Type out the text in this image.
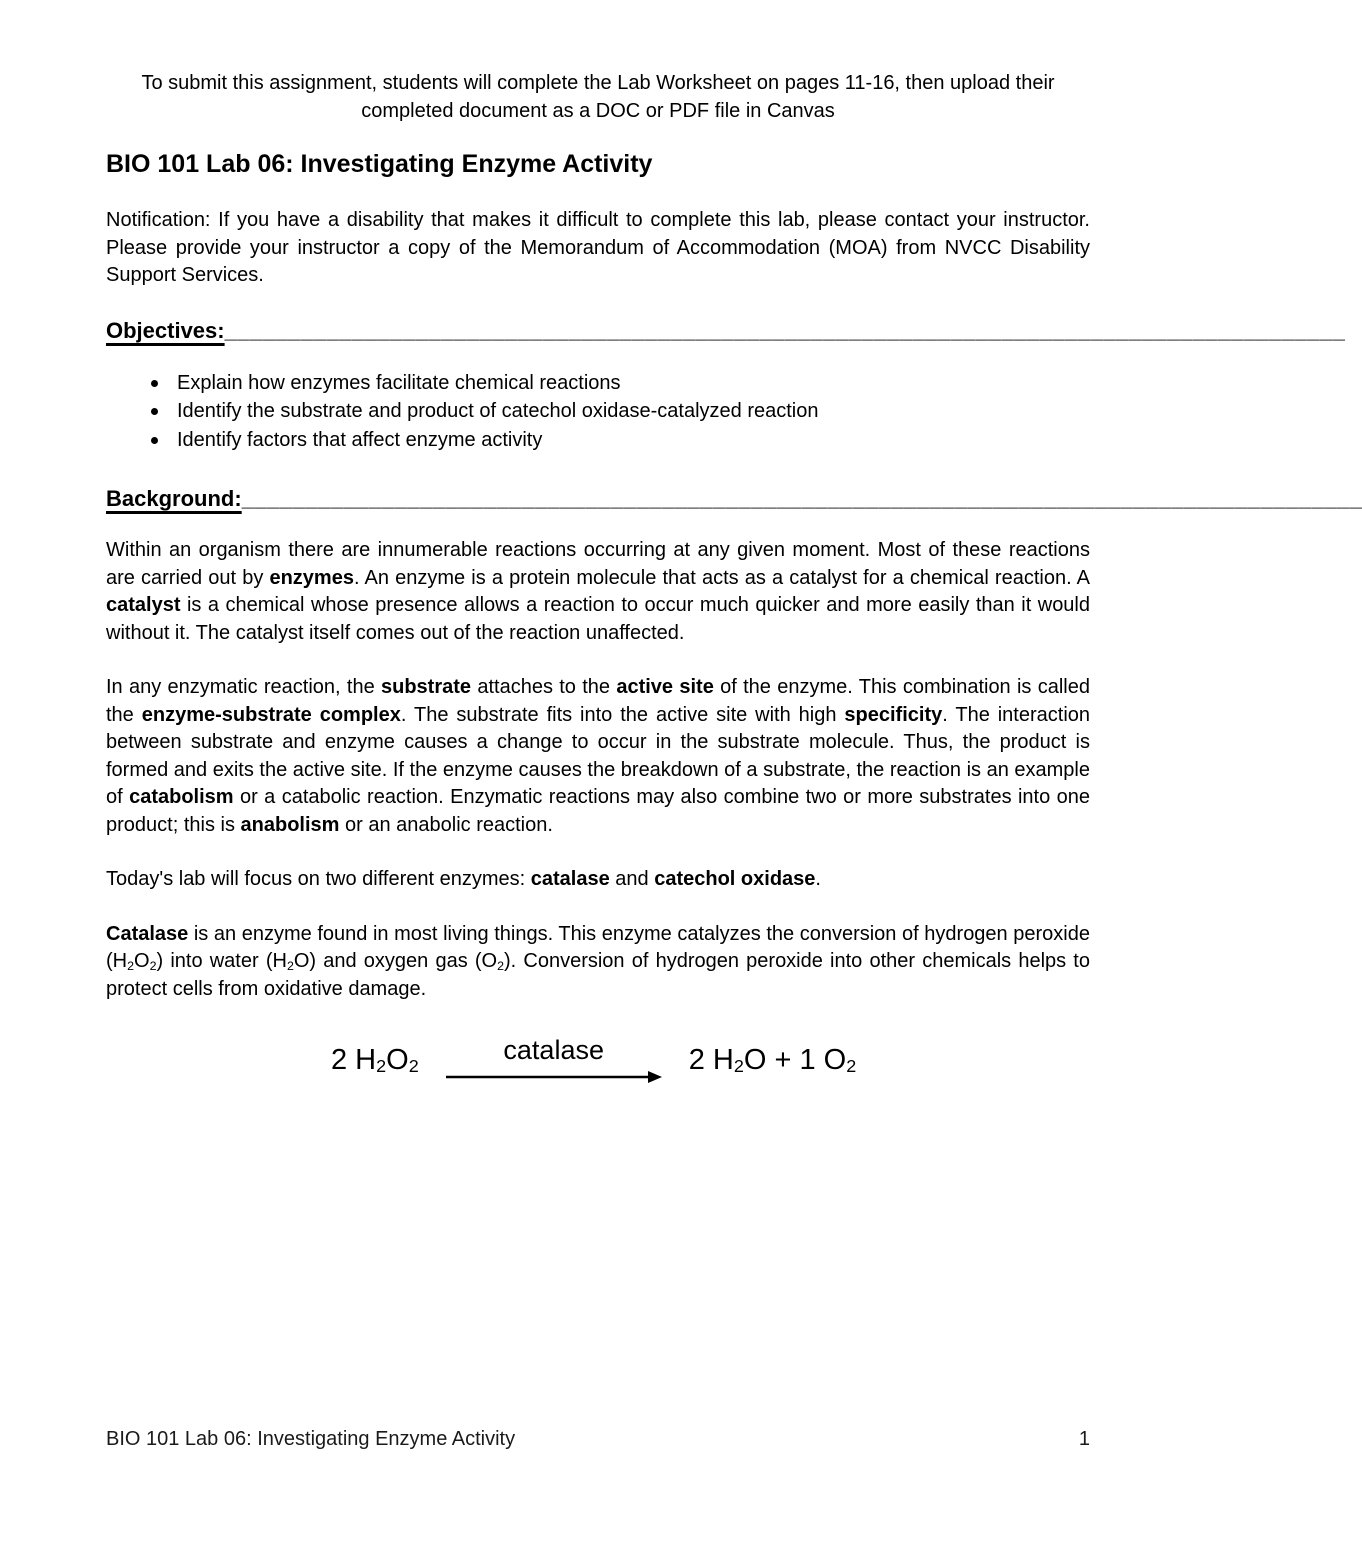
To submit this assignment, students will complete the Lab Worksheet on pages 11-16, then upload their completed document as a DOC or PDF file in Canvas

BIO 101 Lab 06: Investigating Enzyme Activity

Notification: If you have a disability that makes it difficult to complete this lab, please contact your instructor. Please provide your instructor a copy of the Memorandum of Accommodation (MOA) from NVCC Disability Support Services.

Objectives: ________________________________________________________________________________________
Explain how enzymes facilitate chemical reactions
Identify the substrate and product of catechol oxidase-catalyzed reaction
Identify factors that affect enzyme activity
Background: ________________________________________________________________________________________

Within an organism there are innumerable reactions occurring at any given moment. Most of these reactions are carried out by enzymes. An enzyme is a protein molecule that acts as a catalyst for a chemical reaction. A catalyst is a chemical whose presence allows a reaction to occur much quicker and more easily than it would without it. The catalyst itself comes out of the reaction unaffected.

In any enzymatic reaction, the substrate attaches to the active site of the enzyme. This combination is called the enzyme-substrate complex. The substrate fits into the active site with high specificity. The interaction between substrate and enzyme causes a change to occur in the substrate molecule. Thus, the product is formed and exits the active site. If the enzyme causes the breakdown of a substrate, the reaction is an example of catabolism or a catabolic reaction. Enzymatic reactions may also combine two or more substrates into one product; this is anabolism or an anabolic reaction.

Today's lab will focus on two different enzymes: catalase and catechol oxidase.

Catalase is an enzyme found in most living things. This enzyme catalyzes the conversion of hydrogen peroxide $(H_2O_2)$ into water $(H_2O)$ and oxygen gas $(O_2)$. Conversion of hydrogen peroxide into other chemicals helps to protect cells from oxidative damage.

2 $H_2O_2$
catalase	2 $H_2O + 1$ $O_2$
BIO 101 Lab 06: Investigating Enzyme Activity	1
